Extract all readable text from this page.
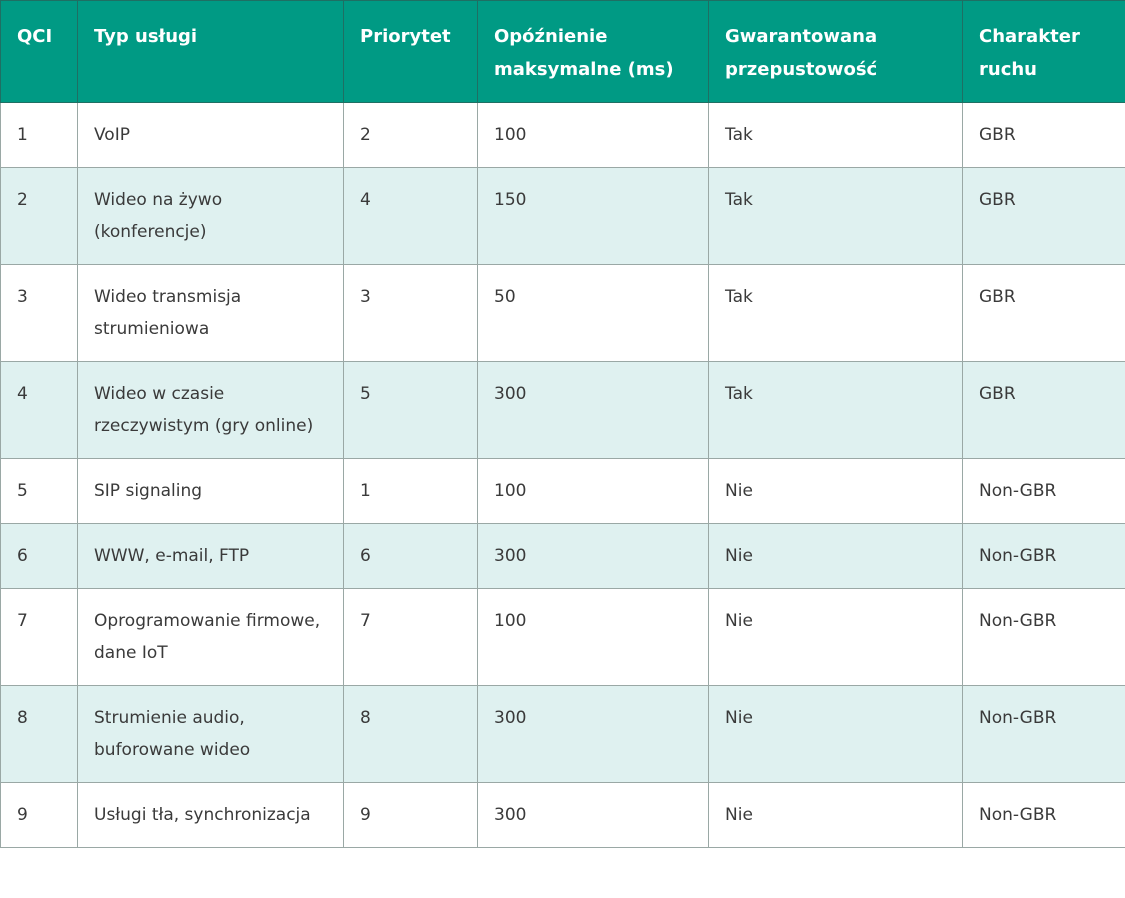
QCI	Typ usługi	Priorytet	Opóźnienie maksymalne (ms)	Gwarantowana przepustowość	Charakter ruchu
1	VoIP	2	100	Tak	GBR
2	Wideo na żywo (konferencje)	4	150	Tak	GBR
3	Wideo transmisja strumieniowa	3	50	Tak	GBR
4	Wideo w czasie rzeczywistym (gry online)	5	300	Tak	GBR
5	SIP signaling	1	100	Nie	Non-GBR
6	WWW, e-mail, FTP	6	300	Nie	Non-GBR
7	Oprogramowanie firmowe, dane IoT	7	100	Nie	Non-GBR
8	Strumienie audio, buforowane wideo	8	300	Nie	Non-GBR
9	Usługi tła, synchronizacja	9	300	Nie	Non-GBR
